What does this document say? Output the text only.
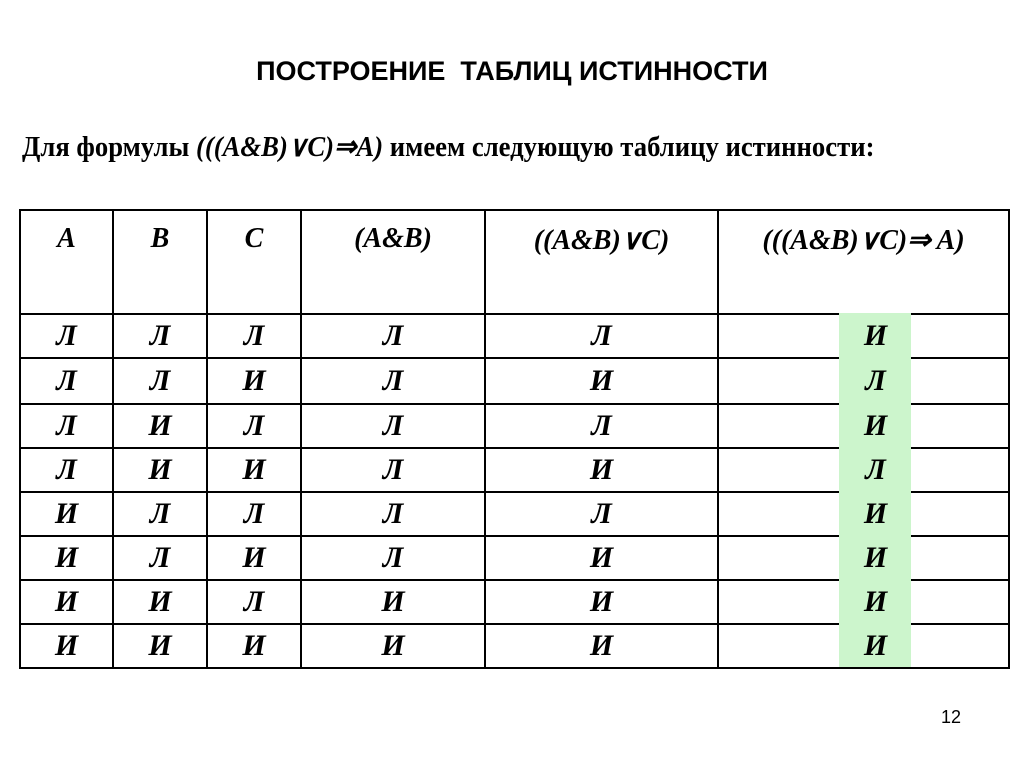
ПОСТРОЕНИЕ  ТАБЛИЦ ИСТИННОСТИ
Для формулы (((A&B)∨C)⇒A) имеем следующую таблицу истинности:
A	B	C	(A&B)	((A&B)∨C)	(((A&B)∨C)⇒ A)
Л	Л	Л	Л	Л	И
Л	Л	И	Л	И	Л
Л	И	Л	Л	Л	И
Л	И	И	Л	И	Л
И	Л	Л	Л	Л	И
И	Л	И	Л	И	И
И	И	Л	И	И	И
И	И	И	И	И	И
12
